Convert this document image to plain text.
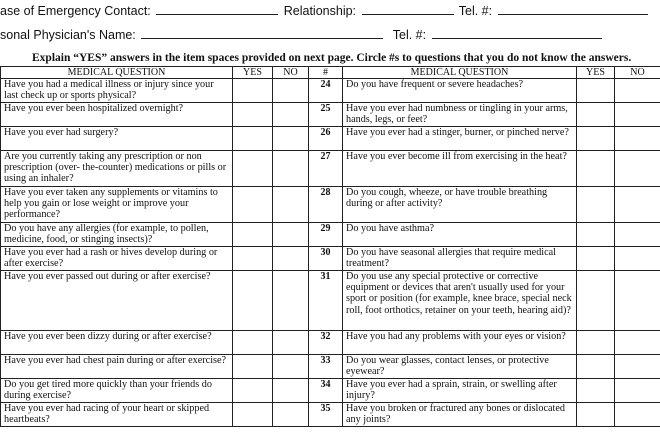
ase of Emergency Contact:	Relationship:	Tel. #:
sonal Physician's Name:	Tel. #:
Explain “YES” answers in the item spaces provided on next page. Circle #s to questions that you do not know the answers.
MEDICAL QUESTION	YES	NO	#	MEDICAL QUESTION	YES	NO
Have you had a medical illness or injury since your last check up or sports physical?			24	Do you have frequent or severe headaches?		
Have you ever been hospitalized overnight?			25	Have you ever had numbness or tingling in your arms, hands, legs, or feet?		
Have you ever had surgery?			26	Have you ever had a stinger, burner, or pinched nerve?		
Are you currently taking any prescription or non prescription (over- the-counter) medications or pills or using an inhaler?			27	Have you ever become ill from exercising in the heat?		
Have you ever taken any supplements or vitamins to help you gain or lose weight or improve your performance?			28	Do you cough, wheeze, or have trouble breathing during or after activity?		
Do you have any allergies (for example, to pollen, medicine, food, or stinging insects)?			29	Do you have asthma?		
Have you ever had a rash or hives develop during or after exercise?			30	Do you have seasonal allergies that require medical treatment?		
Have you ever passed out during or after exercise?			31	Do you use any special protective or corrective equipment or devices that aren't usually used for your sport or position (for example, knee brace, special neck roll, foot orthotics, retainer on your teeth, hearing aid)?		
Have you ever been dizzy during or after exercise?			32	Have you had any problems with your eyes or vision?		
Have you ever had chest pain during or after exercise?			33	Do you wear glasses, contact lenses, or protective eyewear?		
Do you get tired more quickly than your friends do during exercise?			34	Have you ever had a sprain, strain, or swelling after injury?		
Have you ever had racing of your heart or skipped heartbeats?			35	Have you broken or fractured any bones or dislocated any joints?		
